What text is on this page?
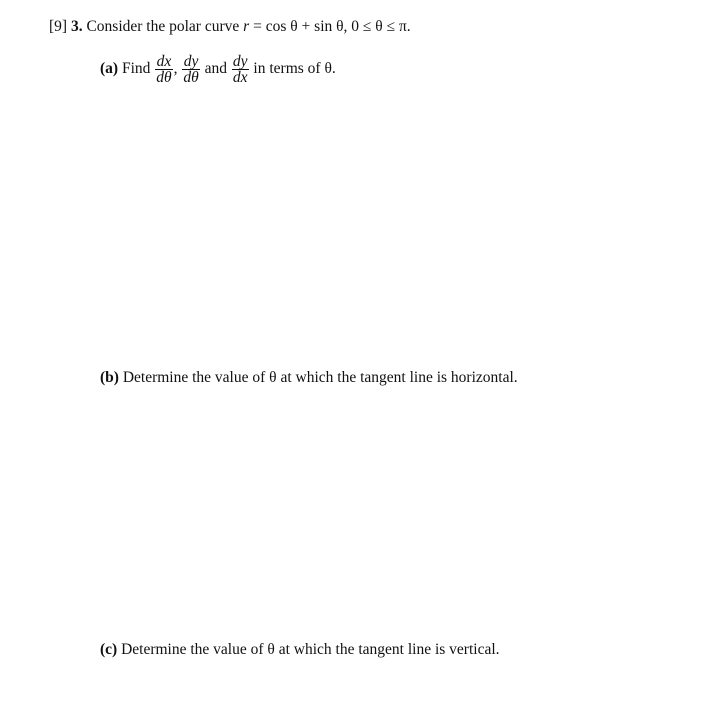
[9] 3. Consider the polar curve r = cos θ + sin θ, 0 ≤ θ ≤ π.
(a) Find $\frac{dx}{d\theta}$ , $\frac{dy}{d\theta}$ and $\frac{dy}{dx}$ in terms of θ.
(b) Determine the value of θ at which the tangent line is horizontal.
(c) Determine the value of θ at which the tangent line is vertical.
